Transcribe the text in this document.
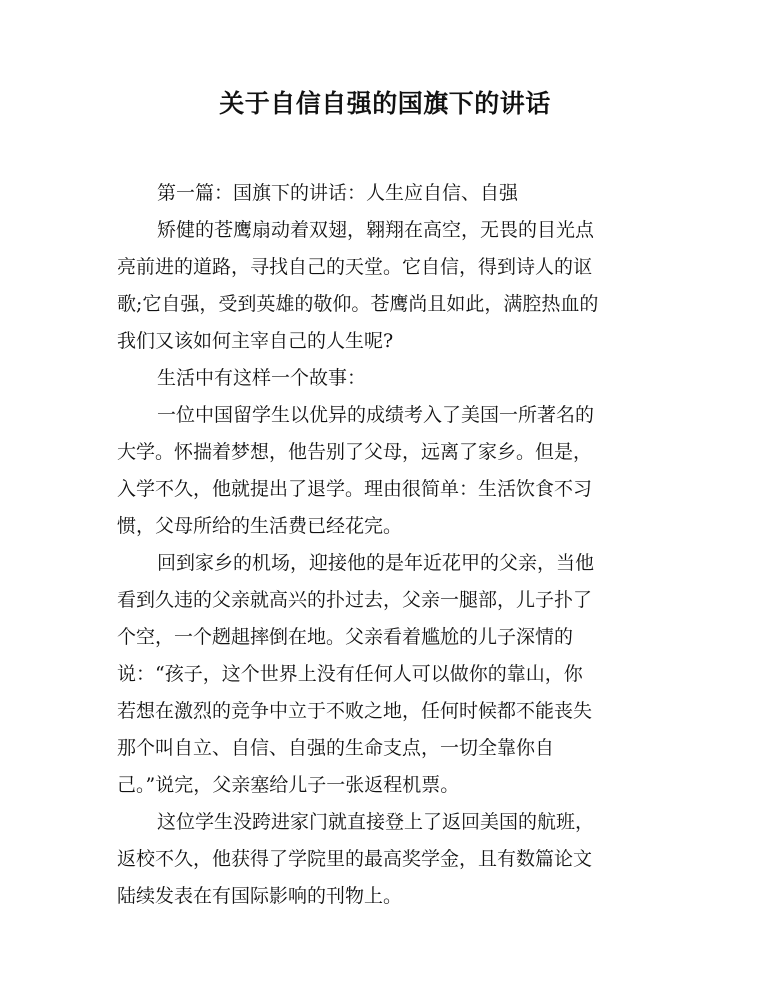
关于自信自强的国旗下的讲话
第一篇：国旗下的讲话：人生应自信、自强
矫健的苍鹰扇动着双翅，翱翔在高空，无畏的目光点
亮前进的道路，寻找自己的天堂。它自信，得到诗人的讴
歌;它自强，受到英雄的敬仰。苍鹰尚且如此，满腔热血的
我们又该如何主宰自己的人生呢?
生活中有这样一个故事：
一位中国留学生以优异的成绩考入了美国一所著名的
大学。怀揣着梦想，他告别了父母，远离了家乡。但是，
入学不久，他就提出了退学。理由很简单：生活饮食不习
惯，父母所给的生活费已经花完。
回到家乡的机场，迎接他的是年近花甲的父亲，当他
看到久违的父亲就高兴的扑过去，父亲一腿部，儿子扑了
个空，一个趔趄摔倒在地。父亲看着尴尬的儿子深情的
说：“孩子，这个世界上没有任何人可以做你的靠山，你
若想在激烈的竞争中立于不败之地，任何时候都不能丧失
那个叫自立、自信、自强的生命支点，一切全靠你自
己。”说完，父亲塞给儿子一张返程机票。
这位学生没跨进家门就直接登上了返回美国的航班，
返校不久，他获得了学院里的最高奖学金，且有数篇论文
陆续发表在有国际影响的刊物上。
